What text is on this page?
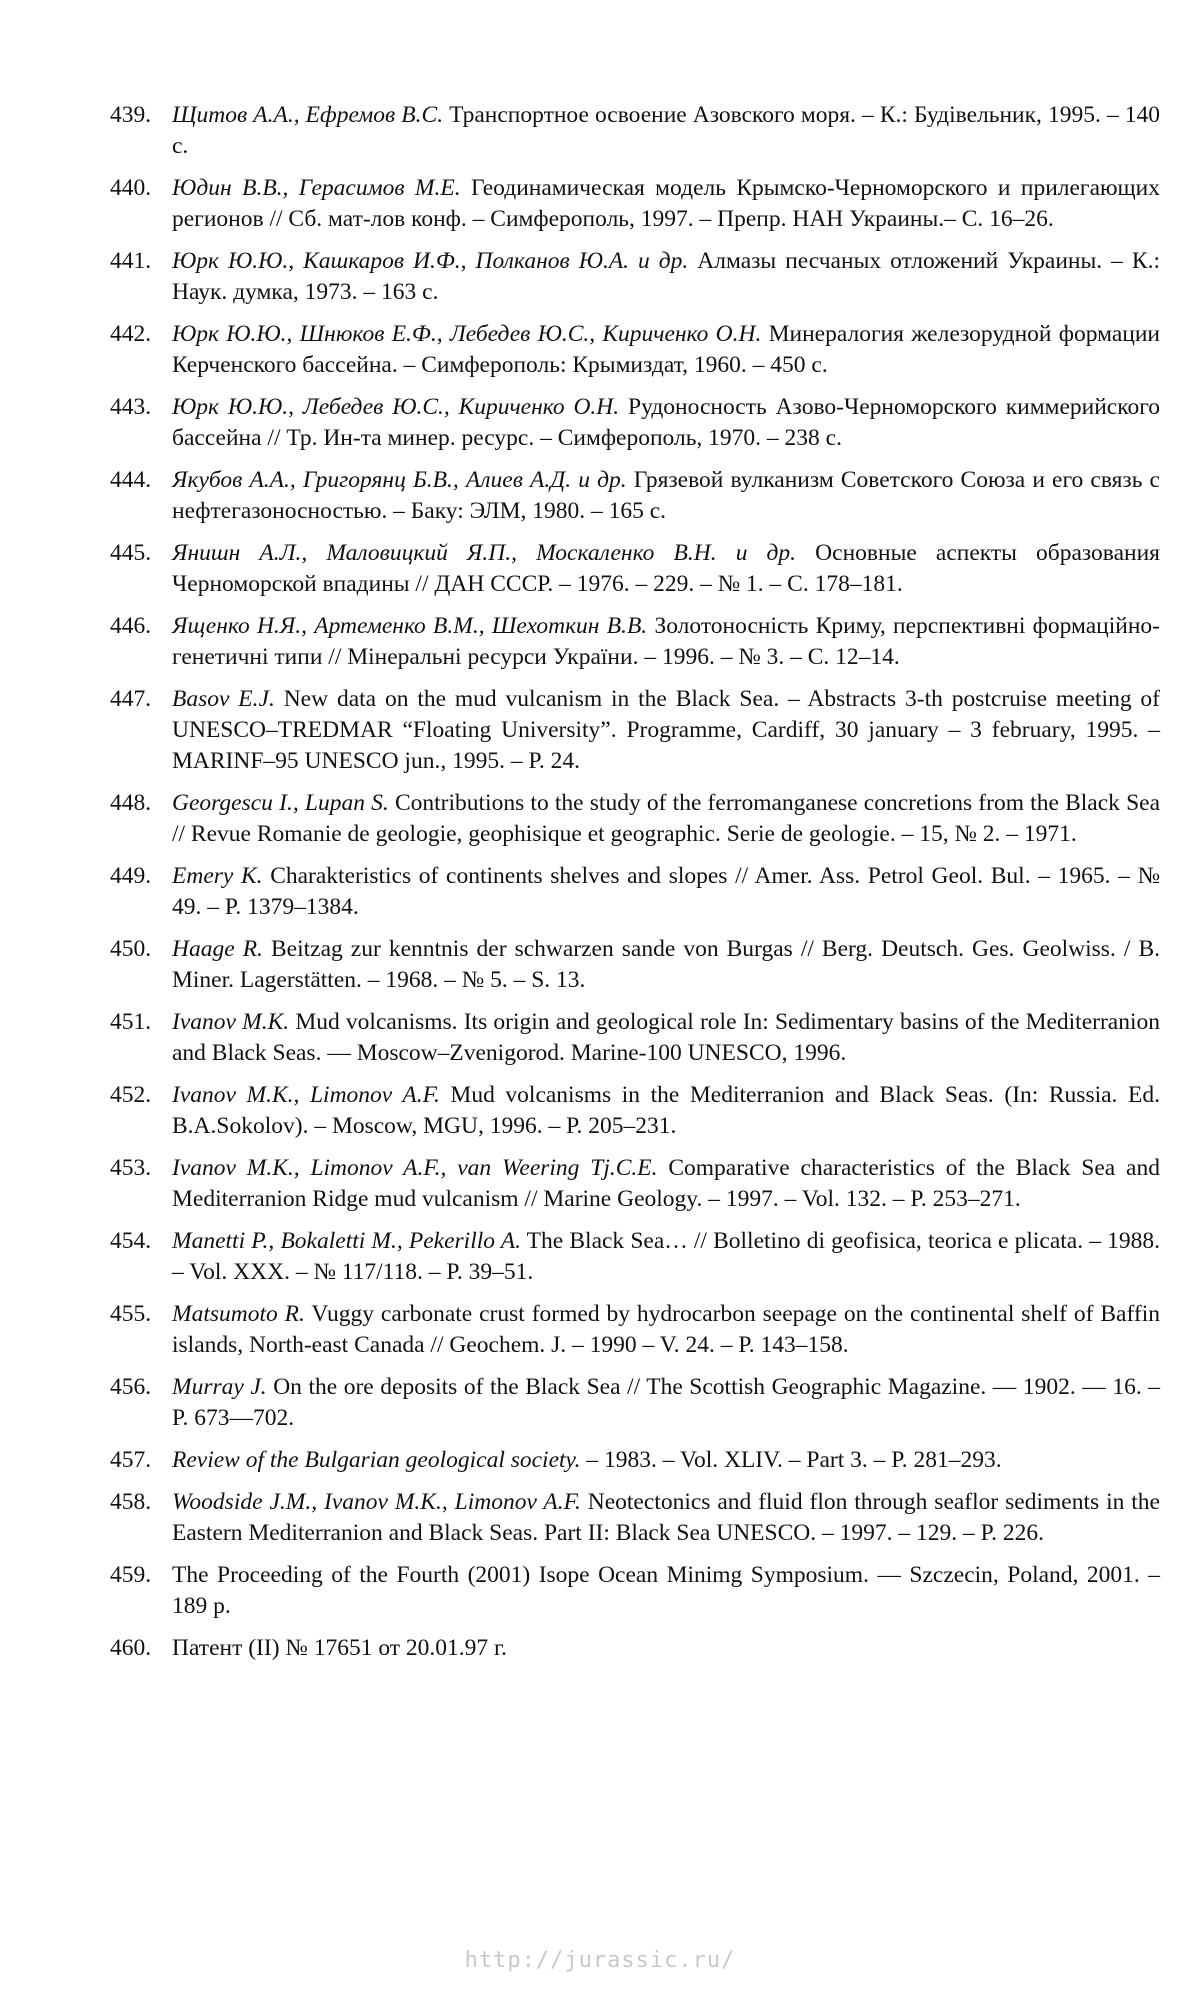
439. Щитов А.А., Ефремов В.С. Транспортное освоение Азовского моря. – К.: Будівельник, 1995. – 140 с.
440. Юдин В.В., Герасимов М.Е. Геодинамическая модель Крымско-Черноморского и прилегающих регионов // Сб. мат-лов конф. – Симферополь, 1997. – Препр. НАН Украины.– С. 16–26.
441. Юрк Ю.Ю., Кашкаров И.Ф., Полканов Ю.А. и др. Алмазы песчаных отложений Украины. – К.: Наук. думка, 1973. – 163 с.
442. Юрк Ю.Ю., Шнюков Е.Ф., Лебедев Ю.С., Кириченко О.Н. Минералогия железорудной формации Керченского бассейна. – Симферополь: Крымиздат, 1960. – 450 с.
443. Юрк Ю.Ю., Лебедев Ю.С., Кириченко О.Н. Рудоносность Азово-Черноморского киммерийского бассейна // Тр. Ин-та минер. ресурс. – Симферополь, 1970. – 238 с.
444. Якубов А.А., Григорянц Б.В., Алиев А.Д. и др. Грязевой вулканизм Советского Союза и его связь с нефтегазоносностью. – Баку: ЭЛМ, 1980. – 165 с.
445. Янишн А.Л., Маловицкий Я.П., Москаленко В.Н. и др. Основные аспекты образования Черноморской впадины // ДАН СССР. – 1976. – 229. – № 1. – С. 178–181.
446. Ященко Н.Я., Артеменко В.М., Шехоткин В.В. Золотоносність Криму, перспективні формаційно-генетичні типи // Мінеральні ресурси України. – 1996. – № 3. – С. 12–14.
447. Basov E.J. New data on the mud vulcanism in the Black Sea. – Abstracts 3-th postcruise meeting of UNESCO–TREDMAR “Floating University”. Programme, Cardiff, 30 january – 3 february, 1995. – MARINF–95 UNESCO jun., 1995. – P. 24.
448. Georgescu I., Lupan S. Contributions to the study of the ferromanganese concretions from the Black Sea // Revue Romanie de geologie, geophisique et geographic. Serie de geologie. – 15, № 2. – 1971.
449. Emery K. Charakteristics of continents shelves and slopes // Amer. Ass. Petrol Geol. Bul. – 1965. – № 49. – P. 1379–1384.
450. Haage R. Beitzag zur kenntnis der schwarzen sande von Burgas // Berg. Deutsch. Ges. Geolwiss. / B. Miner. Lagerstätten. – 1968. – № 5. – S. 13.
451. Ivanov M.K. Mud volcanisms. Its origin and geological role In: Sedimentary basins of the Mediterranion and Black Seas. — Moscow–Zvenigorod. Marine-100 UNESCO, 1996.
452. Ivanov M.K., Limonov A.F. Mud volcanisms in the Mediterranion and Black Seas. (In: Russia. Ed. B.A.Sokolov). – Moscow, MGU, 1996. – P. 205–231.
453. Ivanov M.K., Limonov A.F., van Weering Tj.C.E. Comparative characteristics of the Black Sea and Mediterranion Ridge mud vulcanism // Marine Geology. – 1997. – Vol. 132. – P. 253–271.
454. Manetti P., Bokaletti M., Pekerillo A. The Black Sea… // Bolletino di geofisica, teorica e plicata. – 1988. – Vol. XXX. – № 117/118. – P. 39–51.
455. Matsumoto R. Vuggy carbonate crust formed by hydrocarbon seepage on the continental shelf of Baffin islands, North-east Canada // Geochem. J. – 1990 – V. 24. – P. 143–158.
456. Murray J. On the ore deposits of the Black Sea // The Scottish Geographic Magazine. — 1902. — 16. – P. 673—702.
457. Review of the Bulgarian geological society. – 1983. – Vol. XLIV. – Part 3. – P. 281–293.
458. Woodside J.M., Ivanov M.K., Limonov A.F. Neotectonics and fluid flon through seaflor sediments in the Eastern Mediterranion and Black Seas. Part II: Black Sea UNESCO. – 1997. – 129. – P. 226.
459. The Proceeding of the Fourth (2001) Isope Ocean Minimg Symposium. — Szczecin, Poland, 2001. – 189 p.
460. Патент (II) № 17651 от 20.01.97 г.
http://jurassic.ru/
